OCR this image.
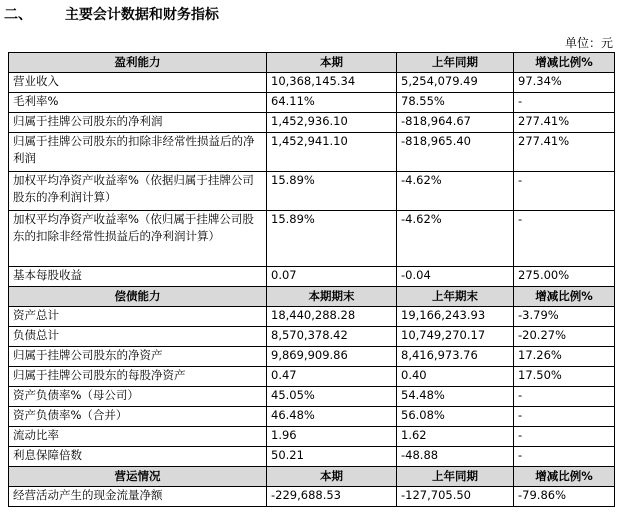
二、 主要会计数据和财务指标
单位：元
盈利能力	本期	上年同期	增减比例%
营业收入	10,368,145.34	5,254,079.49	97.34%
毛利率%	64.11%	78.55%	-
归属于挂牌公司股东的净利润	1,452,936.10	-818,964.67	277.41%
归属于挂牌公司股东的扣除非经常性损益后的净利润	1,452,941.10	-818,965.40	277.41%
加权平均净资产收益率%（依据归属于挂牌公司股东的净利润计算）	15.89%	-4.62%	-
加权平均净资产收益率%（依归属于挂牌公司股东的扣除非经常性损益后的净利润计算）	15.89%	-4.62%	-
基本每股收益	0.07	-0.04	275.00%
偿债能力	本期期末	上年期末	增减比例%
资产总计	18,440,288.28	19,166,243.93	-3.79%
负债总计	8,570,378.42	10,749,270.17	-20.27%
归属于挂牌公司股东的净资产	9,869,909.86	8,416,973.76	17.26%
归属于挂牌公司股东的每股净资产	0.47	0.40	17.50%
资产负债率%（母公司）	45.05%	54.48%	-
资产负债率%（合并）	46.48%	56.08%	-
流动比率	1.96	1.62	-
利息保障倍数	50.21	-48.88	-
营运情况	本期	上年同期	增减比例%
经营活动产生的现金流量净额	-229,688.53	-127,705.50	-79.86%
